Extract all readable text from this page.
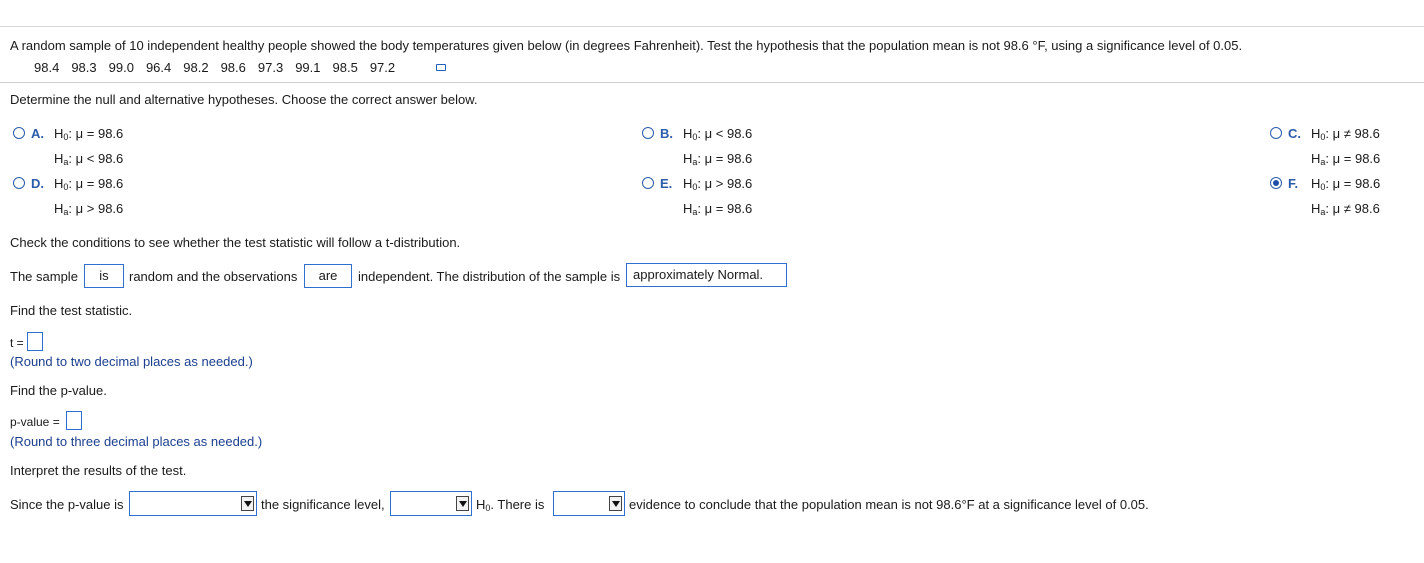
A random sample of 10 independent healthy people showed the body temperatures given below (in degrees Fahrenheit). Test the hypothesis that the population mean is not 98.6 °F, using a significance level of 0.05.
98.4 98.3 99.0 96.4 98.2 98.6 97.3 99.1 98.5 97.2
Determine the null and alternative hypotheses. Choose the correct answer below.
A. $H_0$: μ = 98.6
$H_a$: μ < 98.6
B. $H_0$: μ < 98.6
$H_a$: μ = 98.6
C. $H_0$: μ ≠ 98.6
$H_a$: μ = 98.6
D. $H_0$: μ = 98.6
$H_a$: μ > 98.6
E. $H_0$: μ > 98.6
$H_a$: μ = 98.6
F. $H_0$: μ = 98.6
$H_a$: μ ≠ 98.6
Check the conditions to see whether the test statistic will follow a t-distribution.
The sample	is	random and the observations	are	independent. The distribution of the sample is approximately Normal.
Find the test statistic.
t =
(Round to two decimal places as needed.)
Find the p-value.
p-value =
(Round to three decimal places as needed.)
Interpret the results of the test.
Since the p-value is	the significance level,	$H_0$. There is	evidence to conclude that the population mean is not 98.6°F at a significance level of 0.05.
